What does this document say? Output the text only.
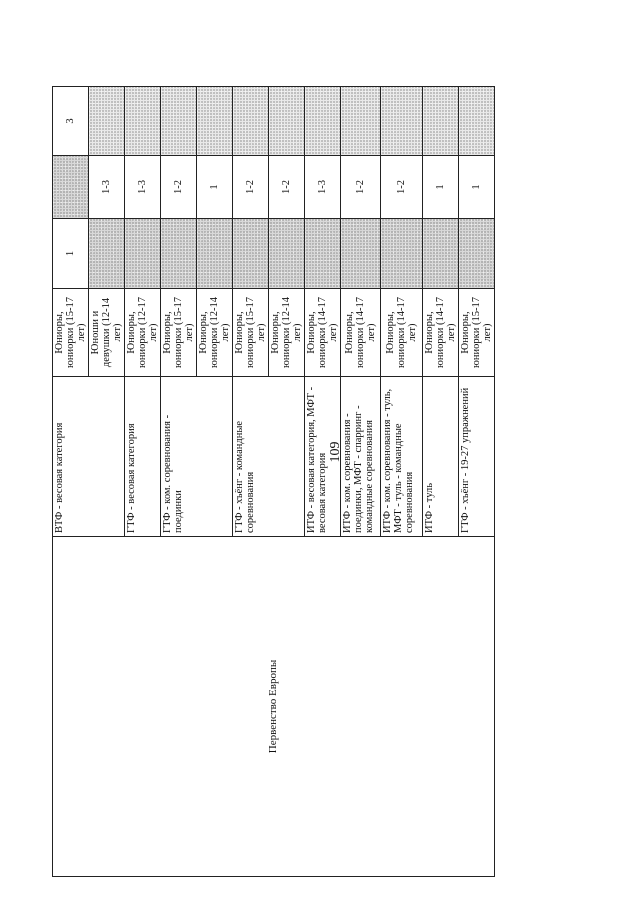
109
Первенство Европы	ВТФ - весовая категория	Юниоры, юниорки (15-17 лет)	1		3	
		Юноши и девушки (12-14 лет)		1-3		
	ГТФ - весовая категория	Юниоры, юниорки (12-17 лет)		1-3		
	ГТФ - ком. соревнования - поединки	Юниоры, юниорки (15-17 лет)		1-2		
		Юниоры, юниорки (12-14 лет)		1		
	ГТФ - хъёнг - командные соревнования	Юниоры, юниорки (15-17 лет)		1-2		
		Юниоры, юниорки (12-14 лет)		1-2		
	ИТФ - весовая категория, МФТ - весовая категория	Юниоры, юниорки (14-17 лет)		1-3		
	ИТФ - ком. соревнования - поединки, МФТ - спарринг - командные соревнования	Юниоры, юниорки (14-17 лет)		1-2		
	ИТФ - ком. соревнования - туль, МФТ - туль - командные соревнования	Юниоры, юниорки (14-17 лет)		1-2		
	ИТФ - туль	Юниоры, юниорки (14-17 лет)		1		
	ГТФ - хъёнг - 19-27 упражнений	Юниоры, юниорки (15-17 лет)		1		
